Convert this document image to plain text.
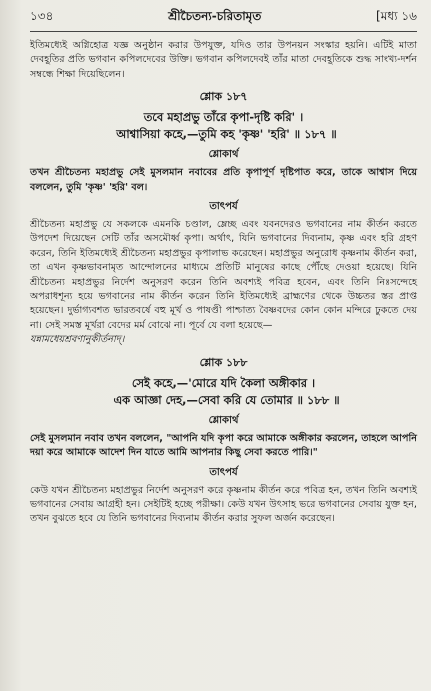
১৩৪	শ্রীচৈতন্য-চরিতামৃত	[মধ্য ১৬

ইতিমধ্যেই অগ্নিহোত্র যজ্ঞ অনুষ্ঠান করার উপযুক্ত, যদিও তার উপনয়ন সংস্কার হয়নি। এটিই মাতা দেবহূতির প্রতি ভগবান কপিলদেবের উক্তি। ভগবান কপিলদেবই তাঁর মাতা দেবহূতিকে শুদ্ধ সাংখ্য-দর্শন সম্বন্ধে শিক্ষা দিয়েছিলেন।

শ্লোক ১৮৭

তবে মহাপ্রভু তাঁরে কৃপা-দৃষ্টি করি' ।

আশ্বাসিয়া কহে,—তুমি কহ 'কৃষ্ণ' 'হরি' ॥ ১৮৭ ॥

শ্লোকার্থ

তখন শ্রীচৈতন্য মহাপ্রভু সেই মুসলমান নবাবের প্রতি কৃপাপূর্ণ দৃষ্টিপাত করে, তাকে আশ্বাস দিয়ে বললেন, তুমি 'কৃষ্ণ' 'হরি' বল।

তাৎপর্য

শ্রীচৈতন্য মহাপ্রভু যে সকলকে এমনকি চণ্ডাল, ম্লেচ্ছ এবং যবনদেরও ভগবানের নাম কীর্তন করতে উপদেশ দিয়েছেন সেটি তাঁর অসমৌর্ধ্ব কৃপা। অর্থাৎ, যিনি ভগবানের দিব্যনাম, কৃষ্ণ এবং হরি গ্রহণ করেন, তিনি ইতিমধ্যেই শ্রীচৈতন্য মহাপ্রভুর কৃপালাভ করেছেন। মহাপ্রভুর অনুরোধ কৃষ্ণনাম কীর্তন করা, তা এখন কৃষ্ণভাবনামৃত আন্দোলনের মাধ্যমে প্রতিটি মানুষের কাছে পৌঁছে দেওয়া হয়েছে। যিনি শ্রীচৈতন্য মহাপ্রভুর নির্দেশ অনুসরণ করেন তিনি অবশ্যই পবিত্র হবেন, এবং তিনি নিঃসন্দেহে অপরাধশূন্য হয়ে ভগবানের নাম কীর্তন করেন তিনি ইতিমধ্যেই ব্রাহ্মণের থেকে উচ্চতর স্তর প্রাপ্ত হয়েছেন। দুর্ভাগ্যবশত ভারতবর্ষে বহু মূর্খ ও পাষণ্ডী পাশ্চাত্য বৈষ্ণবদের কোন কোন মন্দিরে ঢুকতে দেয় না। সেই সমস্ত মূর্খরা বেদের মর্ম বোঝে না। পূর্বে যে বলা হয়েছে—

যন্নামধেয়শ্রবণানুকীর্তনাদ্।

শ্লোক ১৮৮

সেই কহে,—'মোরে যদি কৈলা অঙ্গীকার ।

এক আজ্ঞা দেহ,—সেবা করি যে তোমার ॥ ১৮৮ ॥

শ্লোকার্থ

সেই মুসলমান নবাব তখন বললেন, "আপনি যদি কৃপা করে আমাকে অঙ্গীকার করলেন, তাহলে আপনি দয়া করে আমাকে আদেশ দিন যাতে আমি আপনার কিছু সেবা করতে পারি।"

তাৎপর্য

কেউ যখন শ্রীচৈতন্য মহাপ্রভুর নির্দেশ অনুসরণ করে কৃষ্ণনাম কীর্তন করে পবিত্র হন, তখন তিনি অবশ্যই ভগবানের সেবায় আগ্রহী হন। সেইটিই হচ্ছে পরীক্ষা। কেউ যখন উৎসাহ ভরে ভগবানের সেবায় যুক্ত হন, তখন বুঝতে হবে যে তিনি ভগবানের দিব্যনাম কীর্তন করার সুফল অর্জন করেছেন।
